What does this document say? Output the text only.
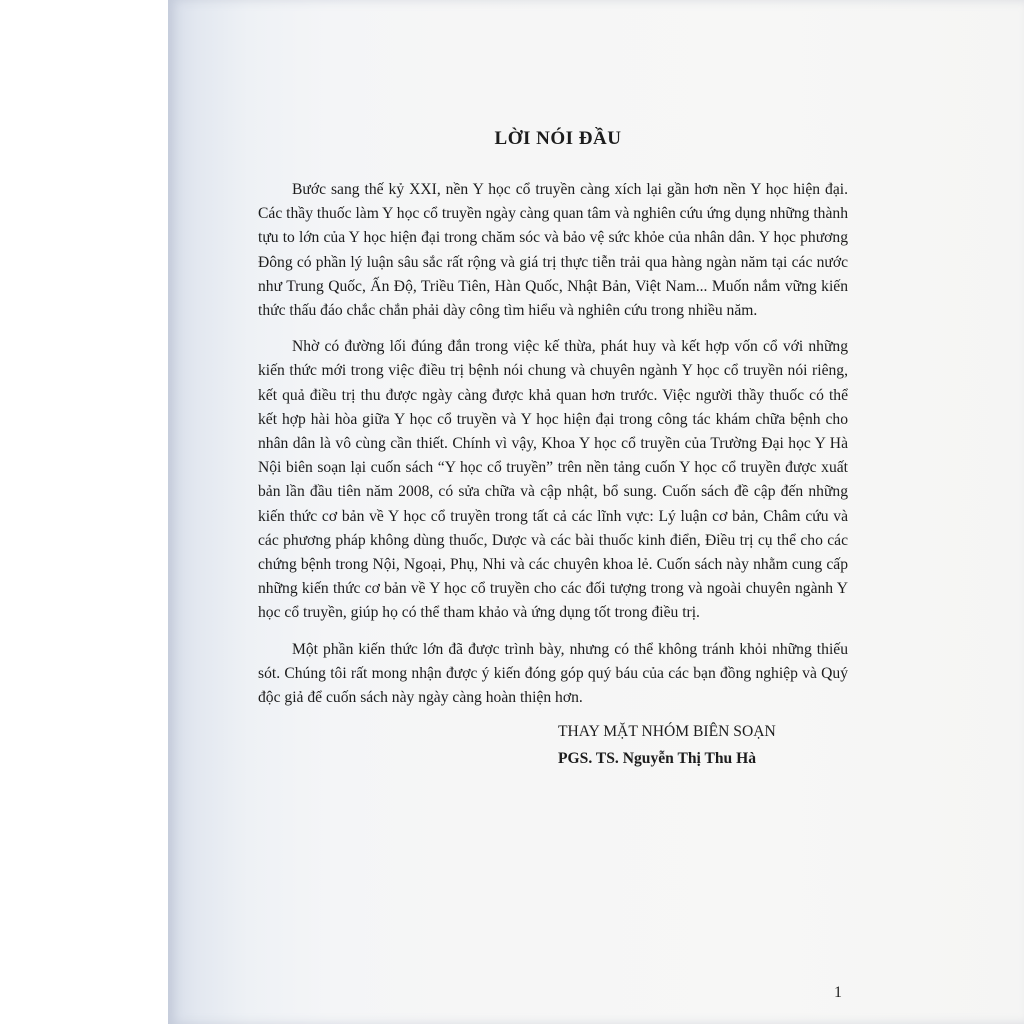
LỜI NÓI ĐẦU

Bước sang thế kỷ XXI, nền Y học cổ truyền càng xích lại gần hơn nền Y học hiện đại. Các thầy thuốc làm Y học cổ truyền ngày càng quan tâm và nghiên cứu ứng dụng những thành tựu to lớn của Y học hiện đại trong chăm sóc và bảo vệ sức khỏe của nhân dân. Y học phương Đông có phần lý luận sâu sắc rất rộng và giá trị thực tiễn trải qua hàng ngàn năm tại các nước như Trung Quốc, Ấn Độ, Triều Tiên, Hàn Quốc, Nhật Bản, Việt Nam... Muốn nắm vững kiến thức thấu đáo chắc chắn phải dày công tìm hiểu và nghiên cứu trong nhiều năm.

Nhờ có đường lối đúng đắn trong việc kế thừa, phát huy và kết hợp vốn cổ với những kiến thức mới trong việc điều trị bệnh nói chung và chuyên ngành Y học cổ truyền nói riêng, kết quả điều trị thu được ngày càng được khả quan hơn trước. Việc người thầy thuốc có thể kết hợp hài hòa giữa Y học cổ truyền và Y học hiện đại trong công tác khám chữa bệnh cho nhân dân là vô cùng cần thiết. Chính vì vậy, Khoa Y học cổ truyền của Trường Đại học Y Hà Nội biên soạn lại cuốn sách “Y học cổ truyền” trên nền tảng cuốn Y học cổ truyền được xuất bản lần đầu tiên năm 2008, có sửa chữa và cập nhật, bổ sung. Cuốn sách đề cập đến những kiến thức cơ bản về Y học cổ truyền trong tất cả các lĩnh vực: Lý luận cơ bản, Châm cứu và các phương pháp không dùng thuốc, Dược và các bài thuốc kinh điển, Điều trị cụ thể cho các chứng bệnh trong Nội, Ngoại, Phụ, Nhi và các chuyên khoa lẻ. Cuốn sách này nhằm cung cấp những kiến thức cơ bản về Y học cổ truyền cho các đối tượng trong và ngoài chuyên ngành Y học cổ truyền, giúp họ có thể tham khảo và ứng dụng tốt trong điều trị.

Một phần kiến thức lớn đã được trình bày, nhưng có thể không tránh khỏi những thiếu sót. Chúng tôi rất mong nhận được ý kiến đóng góp quý báu của các bạn đồng nghiệp và Quý độc giả để cuốn sách này ngày càng hoàn thiện hơn.

THAY MẶT NHÓM BIÊN SOẠN
PGS. TS. Nguyễn Thị Thu Hà
1
